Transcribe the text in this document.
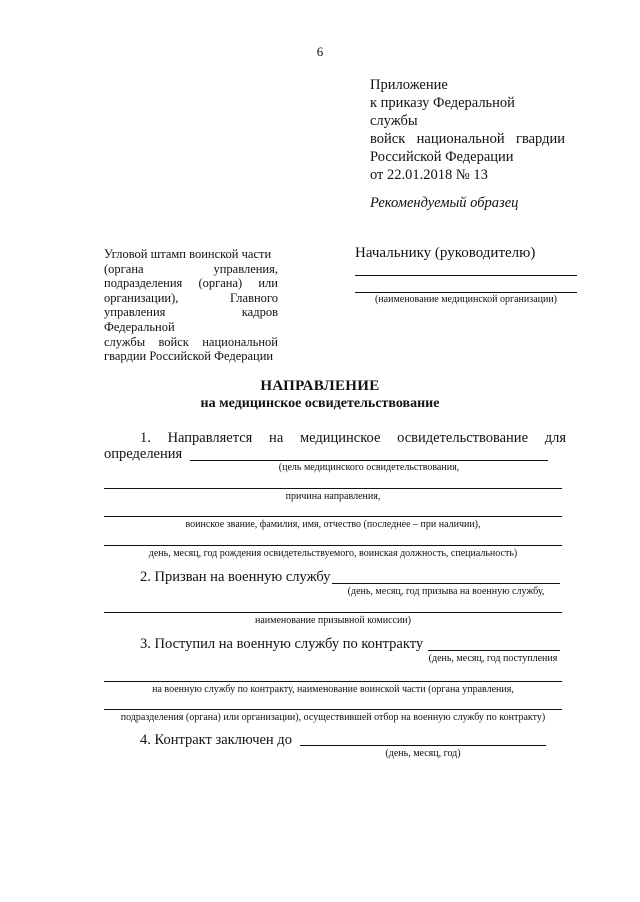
6
Приложение
к приказу Федеральной службы
войск национальной гвардии
Российской Федерации
от 22.01.2018 № 13
Рекомендуемый образец
Угловой штамп воинской части
(органа управления,
подразделения (органа) или
организации), Главного
управления кадров Федеральной
службы войск национальной
гвардии Российской Федерации
Начальнику (руководителю)
(наименование медицинской организации)
НАПРАВЛЕНИЕ
на медицинское освидетельствование
1. Направляется на медицинское освидетельствование для
определения
(цель медицинского освидетельствования,
причина направления,
воинское звание, фамилия, имя, отчество (последнее – при наличии),
день, месяц, год рождения освидетельствуемого, воинская должность, специальность)
2. Призван на военную службу
(день, месяц, год призыва на военную службу,
наименование призывной комиссии)
3. Поступил на военную службу по контракту
(день, месяц, год поступления
на военную службу по контракту, наименование воинской части (органа управления,
подразделения (органа) или организации), осуществившей отбор на военную службу по контракту)
4. Контракт заключен до
(день, месяц, год)
